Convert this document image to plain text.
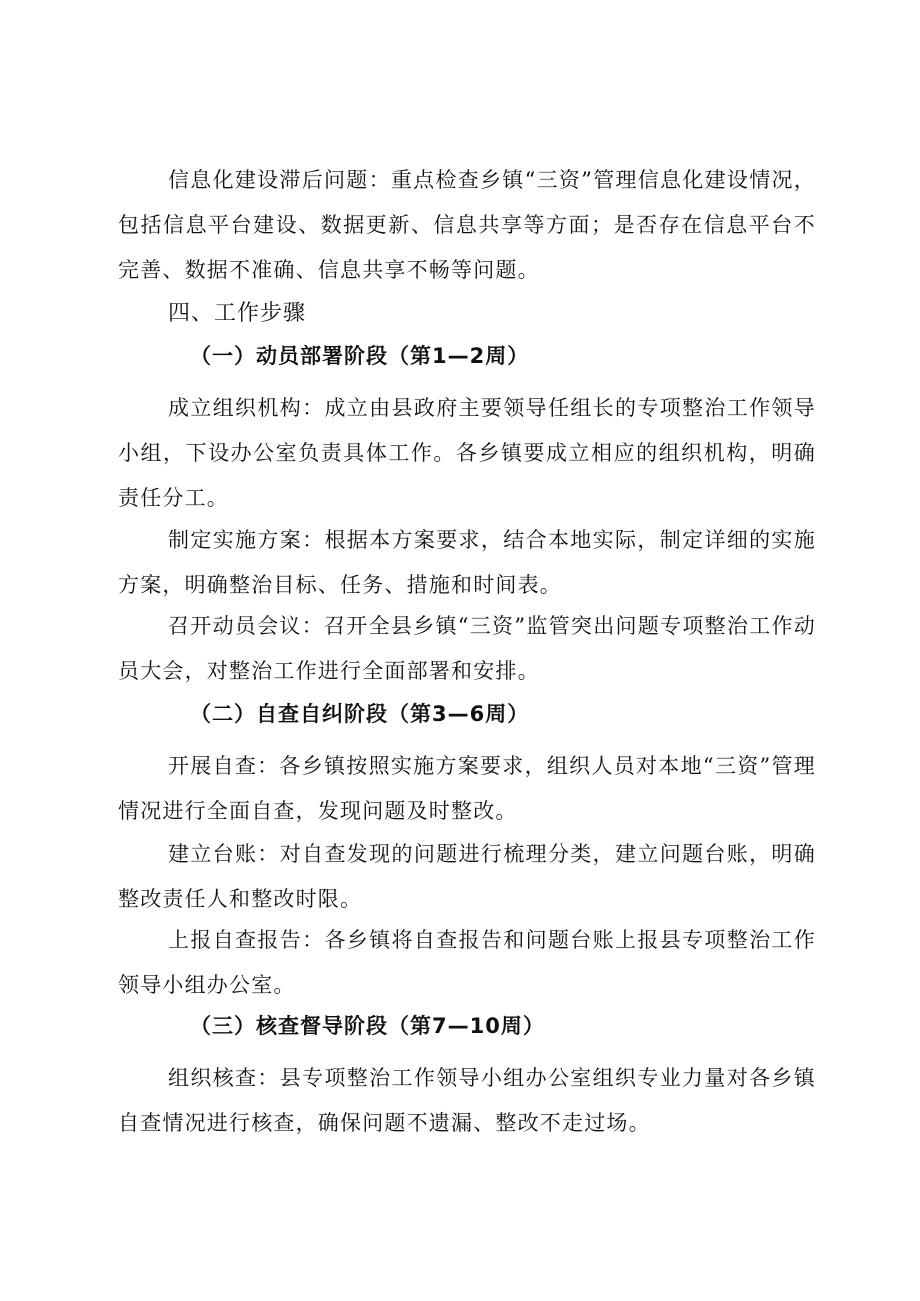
信息化建设滞后问题：重点检查乡镇“三资”管理信息化建设情况，包括信息平台建设、数据更新、信息共享等方面；是否存在信息平台不完善、数据不准确、信息共享不畅等问题。

四、工作步骤
（一）动员部署阶段（第1—2周）

成立组织机构：成立由县政府主要领导任组长的专项整治工作领导小组，下设办公室负责具体工作。各乡镇要成立相应的组织机构，明确责任分工。

制定实施方案：根据本方案要求，结合本地实际，制定详细的实施方案，明确整治目标、任务、措施和时间表。

召开动员会议：召开全县乡镇“三资”监管突出问题专项整治工作动员大会，对整治工作进行全面部署和安排。

（二）自查自纠阶段（第3—6周）

开展自查：各乡镇按照实施方案要求，组织人员对本地“三资”管理情况进行全面自查，发现问题及时整改。

建立台账：对自查发现的问题进行梳理分类，建立问题台账，明确整改责任人和整改时限。

上报自查报告：各乡镇将自查报告和问题台账上报县专项整治工作领导小组办公室。

（三）核查督导阶段（第7—10周）

组织核查：县专项整治工作领导小组办公室组织专业力量对各乡镇自查情况进行核查，确保问题不遗漏、整改不走过场。
